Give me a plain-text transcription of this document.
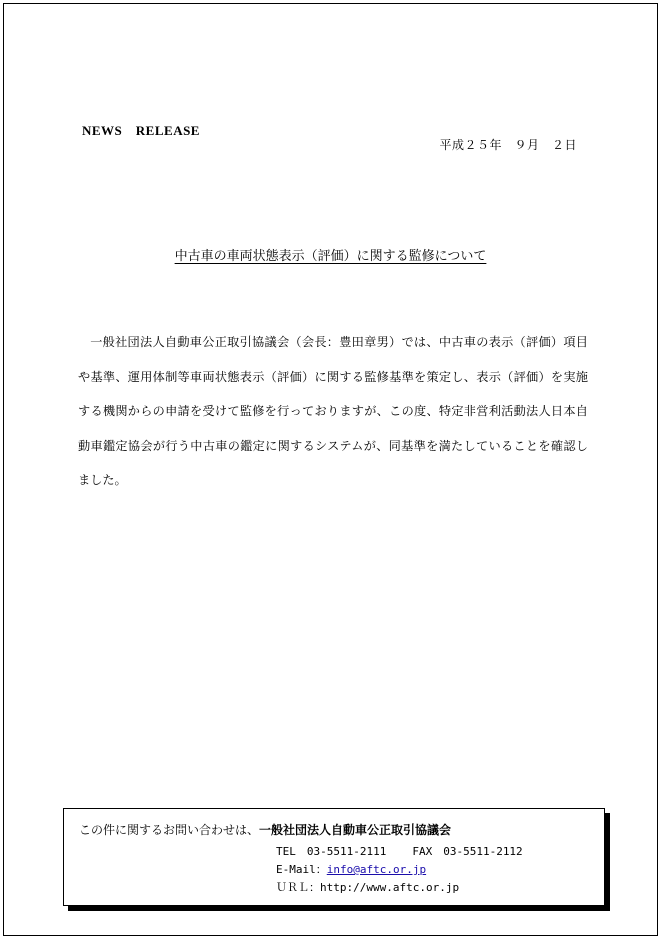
NEWS　RELEASE
平成２５年　９月　２日
中古車の車両状態表示（評価）に関する監修について

一般社団法人自動車公正取引協議会（会長：豊田章男）では、中古車の表示（評価）項目や基準、運用体制等車両状態表示（評価）に関する監修基準を策定し、表示（評価）を実施する機関からの申請を受けて監修を行っておりますが、この度、特定非営利活動法人日本自動車鑑定協会が行う中古車の鑑定に関するシステムが、同基準を満たしていることを確認しました。

この件に関するお問い合わせは、一般社団法人自動車公正取引協議会
TEL　03-5511-2111 FAX　03-5511-2112
E-Mail：info@aftc.or.jp
ＵＲＬ：http://www.aftc.or.jp
